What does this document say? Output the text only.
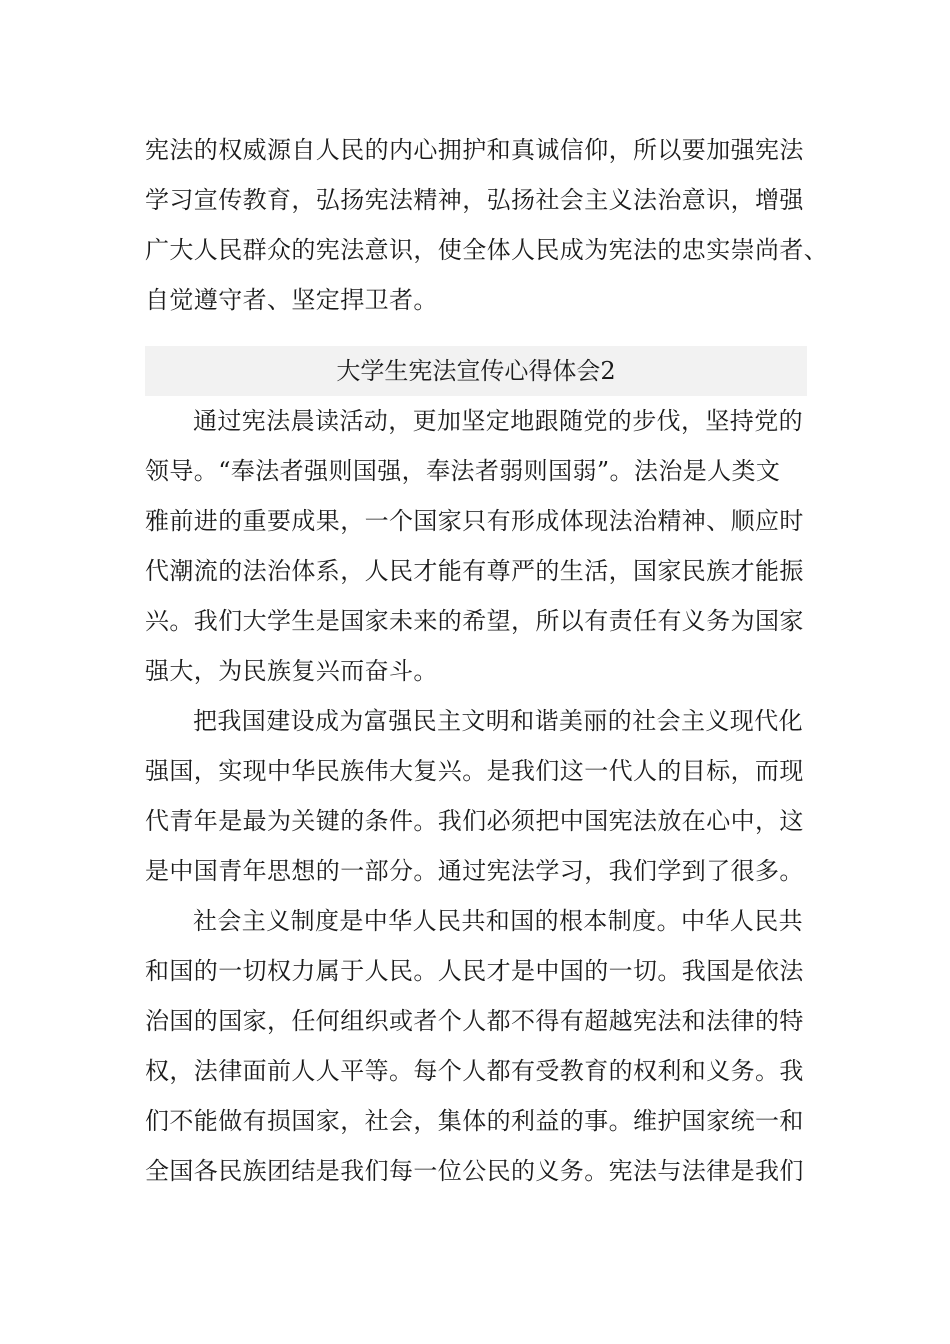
宪法的权威源自人民的内心拥护和真诚信仰，所以要加强宪法
学习宣传教育，弘扬宪法精神，弘扬社会主义法治意识，增强
广大人民群众的宪法意识，使全体人民成为宪法的忠实崇尚者、
自觉遵守者、坚定捍卫者。
大学生宪法宣传心得体会2
通过宪法晨读活动，更加坚定地跟随党的步伐，坚持党的
领导。“奉法者强则国强，奉法者弱则国弱”。法治是人类文
雅前进的重要成果，一个国家只有形成体现法治精神、顺应时
代潮流的法治体系，人民才能有尊严的生活，国家民族才能振
兴。我们大学生是国家未来的希望，所以有责任有义务为国家
强大，为民族复兴而奋斗。
把我国建设成为富强民主文明和谐美丽的社会主义现代化
强国，实现中华民族伟大复兴。是我们这一代人的目标，而现
代青年是最为关键的条件。我们必须把中国宪法放在心中，这
是中国青年思想的一部分。通过宪法学习，我们学到了很多。
社会主义制度是中华人民共和国的根本制度。中华人民共
和国的一切权力属于人民。人民才是中国的一切。我国是依法
治国的国家，任何组织或者个人都不得有超越宪法和法律的特
权，法律面前人人平等。每个人都有受教育的权利和义务。我
们不能做有损国家，社会，集体的利益的事。维护国家统一和
全国各民族团结是我们每一位公民的义务。宪法与法律是我们
